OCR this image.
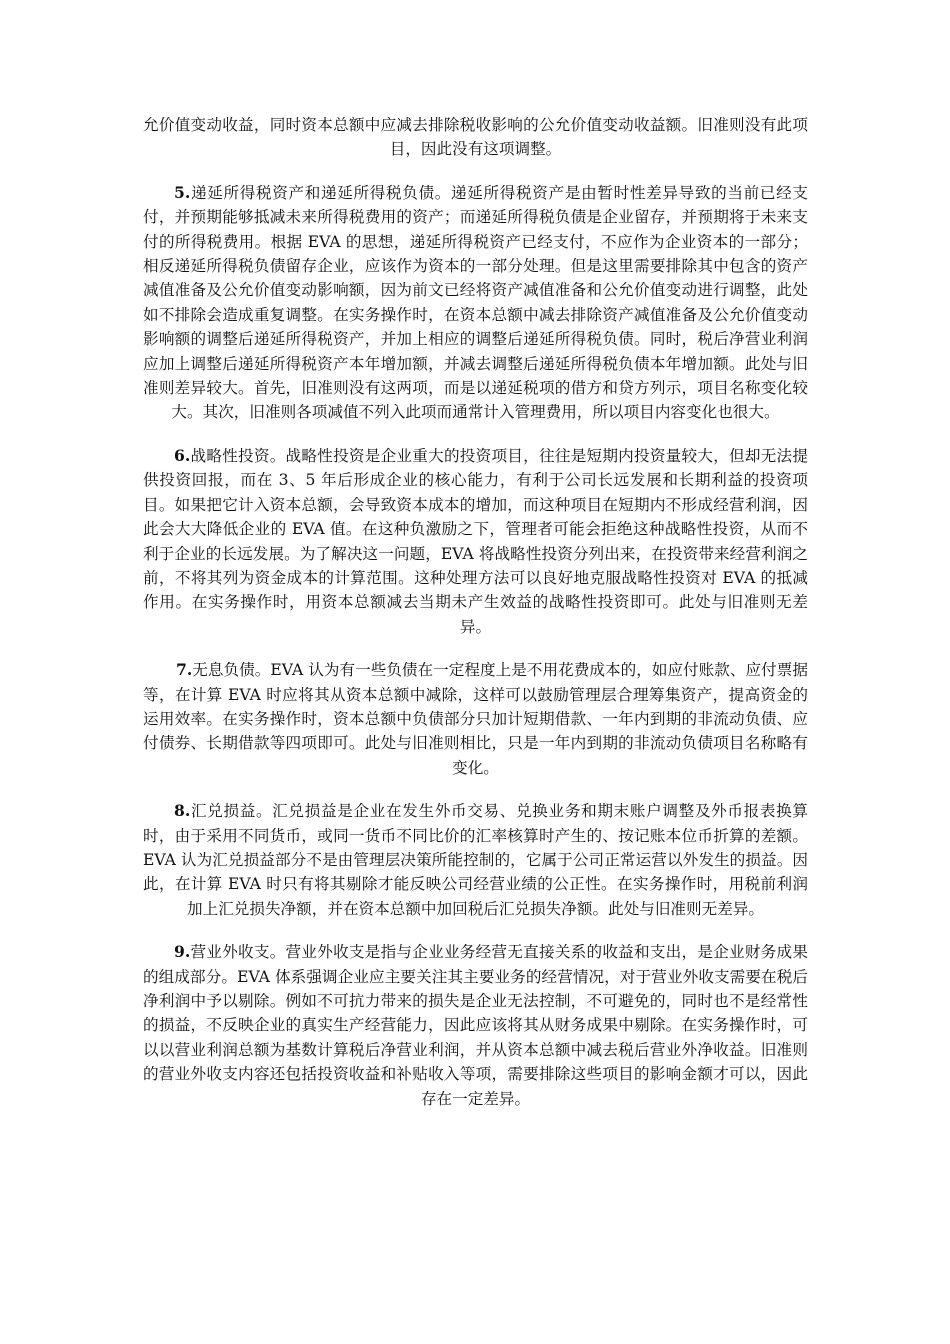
允价值变动收益，同时资本总额中应减去排除税收影响的公允价值变动收益额。旧准则没有此项目，因此没有这项调整。

5.递延所得税资产和递延所得税负债。递延所得税资产是由暂时性差异导致的当前已经支付，并预期能够抵减未来所得税费用的资产；而递延所得税负债是企业留存，并预期将于未来支付的所得税费用。根据 EVA 的思想，递延所得税资产已经支付，不应作为企业资本的一部分；相反递延所得税负债留存企业，应该作为资本的一部分处理。但是这里需要排除其中包含的资产减值准备及公允价值变动影响额，因为前文已经将资产减值准备和公允价值变动进行调整，此处如不排除会造成重复调整。在实务操作时，在资本总额中减去排除资产减值准备及公允价值变动影响额的调整后递延所得税资产，并加上相应的调整后递延所得税负债。同时，税后净营业利润应加上调整后递延所得税资产本年增加额，并减去调整后递延所得税负债本年增加额。此处与旧准则差异较大。首先，旧准则没有这两项，而是以递延税项的借方和贷方列示，项目名称变化较大。其次，旧准则各项减值不列入此项而通常计入管理费用，所以项目内容变化也很大。

6.战略性投资。战略性投资是企业重大的投资项目，往往是短期内投资量较大，但却无法提供投资回报，而在 3、5 年后形成企业的核心能力，有利于公司长远发展和长期利益的投资项目。如果把它计入资本总额，会导致资本成本的增加，而这种项目在短期内不形成经营利润，因此会大大降低企业的 EVA 值。在这种负激励之下，管理者可能会拒绝这种战略性投资，从而不利于企业的长远发展。为了解决这一问题，EVA 将战略性投资分列出来，在投资带来经营利润之前，不将其列为资金成本的计算范围。这种处理方法可以良好地克服战略性投资对 EVA 的抵减作用。在实务操作时，用资本总额减去当期未产生效益的战略性投资即可。此处与旧准则无差异。

7.无息负债。EVA 认为有一些负债在一定程度上是不用花费成本的，如应付账款、应付票据等，在计算 EVA 时应将其从资本总额中减除，这样可以鼓励管理层合理筹集资产，提高资金的运用效率。在实务操作时，资本总额中负债部分只加计短期借款、一年内到期的非流动负债、应付债券、长期借款等四项即可。此处与旧准则相比，只是一年内到期的非流动负债项目名称略有变化。

8.汇兑损益。汇兑损益是企业在发生外币交易、兑换业务和期末账户调整及外币报表换算时，由于采用不同货币，或同一货币不同比价的汇率核算时产生的、按记账本位币折算的差额。EVA 认为汇兑损益部分不是由管理层决策所能控制的，它属于公司正常运营以外发生的损益。因此，在计算 EVA 时只有将其剔除才能反映公司经营业绩的公正性。在实务操作时，用税前利润加上汇兑损失净额，并在资本总额中加回税后汇兑损失净额。此处与旧准则无差异。

9.营业外收支。营业外收支是指与企业业务经营无直接关系的收益和支出，是企业财务成果的组成部分。EVA 体系强调企业应主要关注其主要业务的经营情况，对于营业外收支需要在税后净利润中予以剔除。例如不可抗力带来的损失是企业无法控制，不可避免的，同时也不是经常性的损益，不反映企业的真实生产经营能力，因此应该将其从财务成果中剔除。在实务操作时，可以以营业利润总额为基数计算税后净营业利润，并从资本总额中减去税后营业外净收益。旧准则的营业外收支内容还包括投资收益和补贴收入等项，需要排除这些项目的影响金额才可以，因此存在一定差异。
